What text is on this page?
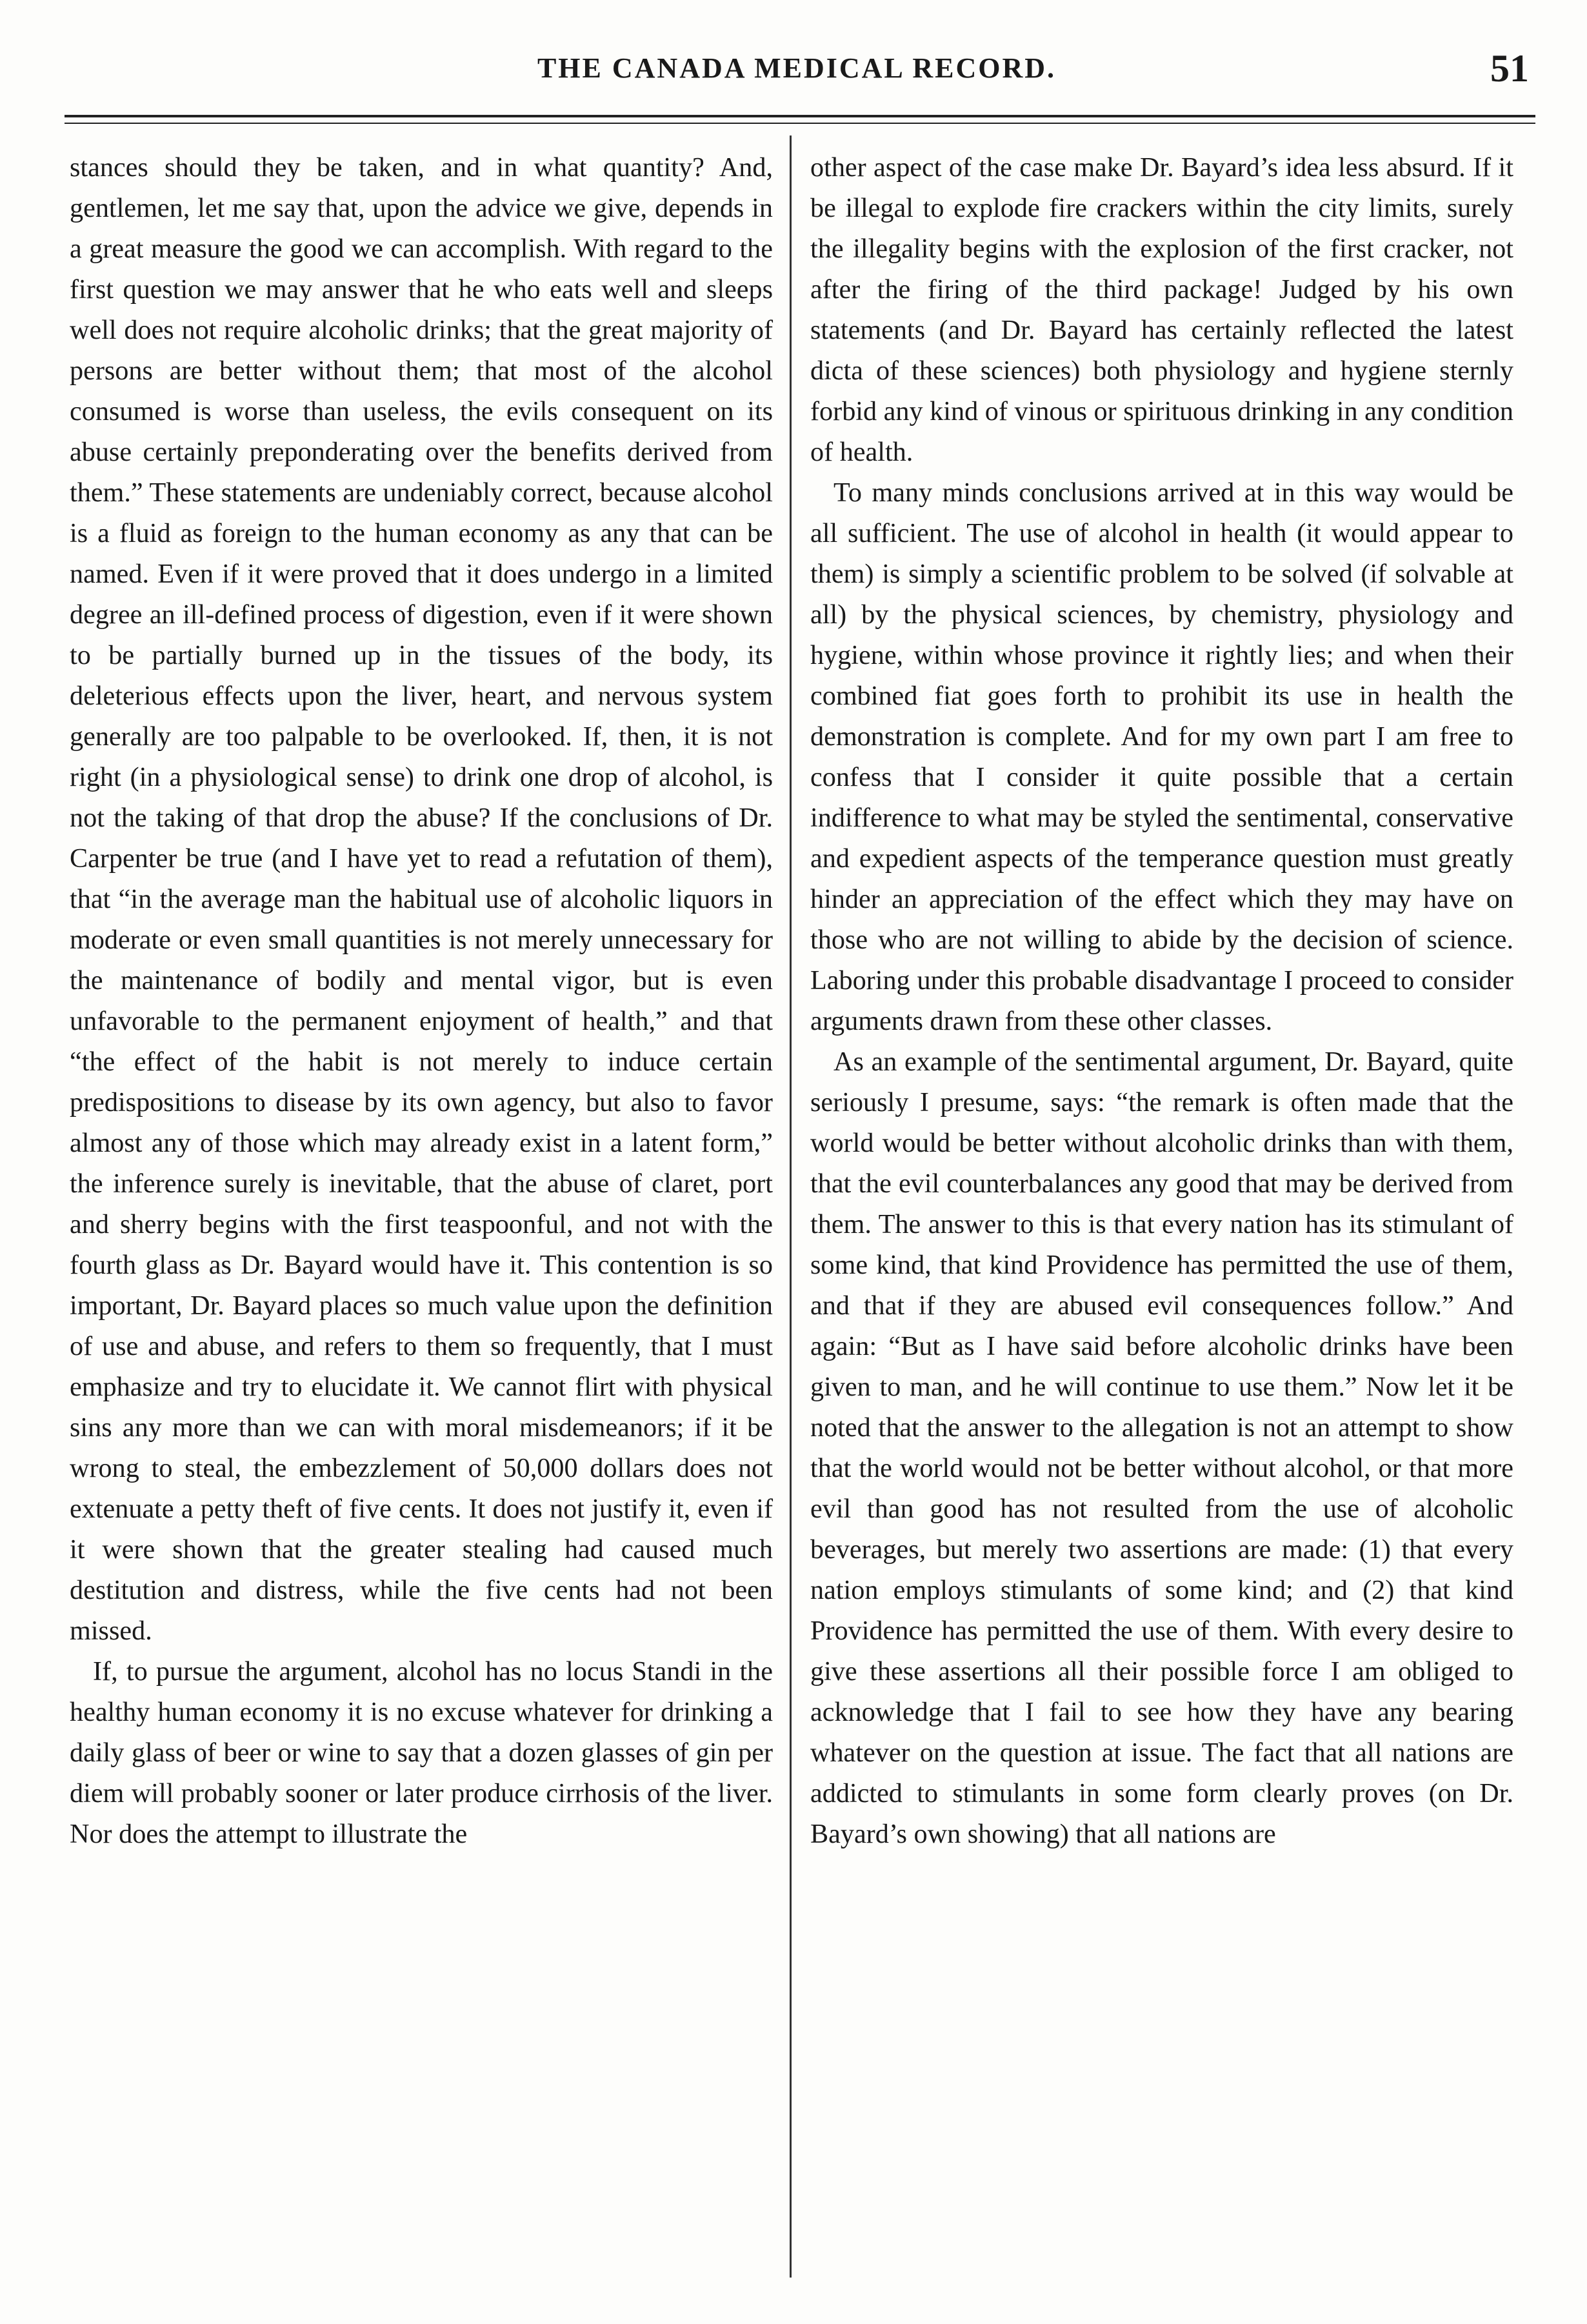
THE CANADA MEDICAL RECORD.	51

stances should they be taken, and in what quantity? And, gentlemen, let me say that, upon the advice we give, depends in a great measure the good we can accomplish. With regard to the first question we may answer that he who eats well and sleeps well does not require alcoholic drinks; that the great majority of persons are better without them; that most of the alcohol consumed is worse than useless, the evils consequent on its abuse certainly preponderating over the benefits derived from them.” These statements are undeniably correct, because alcohol is a fluid as foreign to the human economy as any that can be named. Even if it were proved that it does undergo in a limited degree an ill-defined process of digestion, even if it were shown to be partially burned up in the tissues of the body, its deleterious effects upon the liver, heart, and nervous system generally are too palpable to be overlooked. If, then, it is not right (in a physiological sense) to drink one drop of alcohol, is not the taking of that drop the abuse? If the conclusions of Dr. Carpenter be true (and I have yet to read a refutation of them), that “in the average man the habitual use of alcoholic liquors in moderate or even small quantities is not merely unnecessary for the maintenance of bodily and mental vigor, but is even unfavorable to the permanent enjoyment of health,” and that “the effect of the habit is not merely to induce certain predispositions to disease by its own agency, but also to favor almost any of those which may already exist in a latent form,” the inference surely is inevitable, that the abuse of claret, port and sherry begins with the first teaspoonful, and not with the fourth glass as Dr. Bayard would have it. This contention is so important, Dr. Bayard places so much value upon the definition of use and abuse, and refers to them so frequently, that I must emphasize and try to elucidate it. We cannot flirt with physical sins any more than we can with moral misdemeanors; if it be wrong to steal, the embezzlement of 50,000 dollars does not extenuate a petty theft of five cents. It does not justify it, even if it were shown that the greater stealing had caused much destitution and distress, while the five cents had not been missed.

If, to pursue the argument, alcohol has no locus Standi in the healthy human economy it is no excuse whatever for drinking a daily glass of beer or wine to say that a dozen glasses of gin per diem will probably sooner or later produce cirrhosis of the liver. Nor does the attempt to illustrate the

other aspect of the case make Dr. Bayard’s idea less absurd. If it be illegal to explode fire crackers within the city limits, surely the illegality begins with the explosion of the first cracker, not after the firing of the third package! Judged by his own statements (and Dr. Bayard has certainly reflected the latest dicta of these sciences) both physiology and hygiene sternly forbid any kind of vinous or spirituous drinking in any condition of health.

To many minds conclusions arrived at in this way would be all sufficient. The use of alcohol in health (it would appear to them) is simply a scientific problem to be solved (if solvable at all) by the physical sciences, by chemistry, physiology and hygiene, within whose province it rightly lies; and when their combined fiat goes forth to prohibit its use in health the demonstration is complete. And for my own part I am free to confess that I consider it quite possible that a certain indifference to what may be styled the sentimental, conservative and expedient aspects of the temperance question must greatly hinder an appreciation of the effect which they may have on those who are not willing to abide by the decision of science. Laboring under this probable disadvantage I proceed to consider arguments drawn from these other classes.

As an example of the sentimental argument, Dr. Bayard, quite seriously I presume, says: “the remark is often made that the world would be better without alcoholic drinks than with them, that the evil counterbalances any good that may be derived from them. The answer to this is that every nation has its stimulant of some kind, that kind Providence has permitted the use of them, and that if they are abused evil consequences follow.” And again: “But as I have said before alcoholic drinks have been given to man, and he will continue to use them.” Now let it be noted that the answer to the allegation is not an attempt to show that the world would not be better without alcohol, or that more evil than good has not resulted from the use of alcoholic beverages, but merely two assertions are made: (1) that every nation employs stimulants of some kind; and (2) that kind Providence has permitted the use of them. With every desire to give these assertions all their possible force I am obliged to acknowledge that I fail to see how they have any bearing whatever on the question at issue. The fact that all nations are addicted to stimulants in some form clearly proves (on Dr. Bayard’s own showing) that all nations are
